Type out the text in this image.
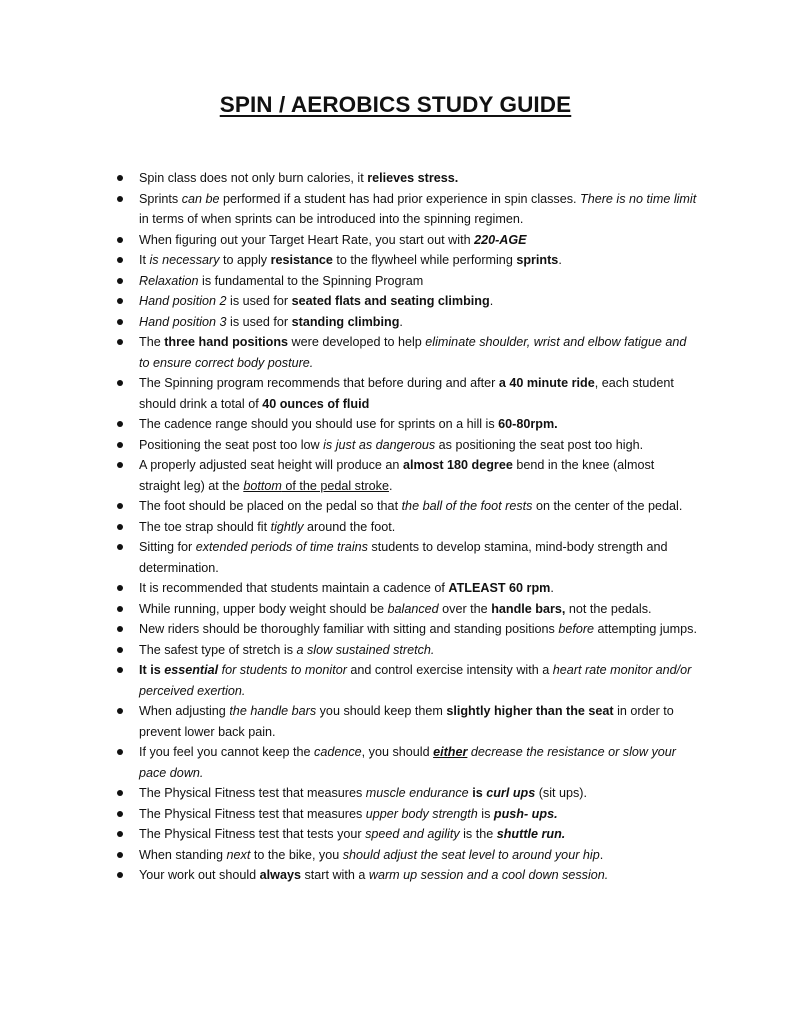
SPIN / AEROBICS STUDY GUIDE
Spin class does not only burn calories, it relieves stress.
Sprints can be performed if a student has had prior experience in spin classes. There is no time limit in terms of when sprints can be introduced into the spinning regimen.
When figuring out your Target Heart Rate, you start out with 220-AGE
It is necessary to apply resistance to the flywheel while performing sprints.
Relaxation is fundamental to the Spinning Program
Hand position 2 is used for seated flats and seating climbing.
Hand position 3 is used for standing climbing.
The three hand positions were developed to help eliminate shoulder, wrist and elbow fatigue and to ensure correct body posture.
The Spinning program recommends that before during and after a 40 minute ride, each student should drink a total of 40 ounces of fluid
The cadence range should you should use for sprints on a hill is 60-80rpm.
Positioning the seat post too low is just as dangerous as positioning the seat post too high.
A properly adjusted seat height will produce an almost 180 degree bend in the knee (almost straight leg) at the bottom of the pedal stroke.
The foot should be placed on the pedal so that the ball of the foot rests on the center of the pedal.
The toe strap should fit tightly around the foot.
Sitting for extended periods of time trains students to develop stamina, mind-body strength and determination.
It is recommended that students maintain a cadence of ATLEAST 60 rpm.
While running, upper body weight should be balanced over the handle bars, not the pedals.
New riders should be thoroughly familiar with sitting and standing positions before attempting jumps.
The safest type of stretch is a slow sustained stretch.
It is essential for students to monitor and control exercise intensity with a heart rate monitor and/or perceived exertion.
When adjusting the handle bars you should keep them slightly higher than the seat in order to prevent lower back pain.
If you feel you cannot keep the cadence, you should either decrease the resistance or slow your pace down.
The Physical Fitness test that measures muscle endurance is curl ups (sit ups).
The Physical Fitness test that measures upper body strength is push- ups.
The Physical Fitness test that tests your speed and agility is the shuttle run.
When standing next to the bike, you should adjust the seat level to around your hip.
Your work out should always start with a warm up session and a cool down session.
